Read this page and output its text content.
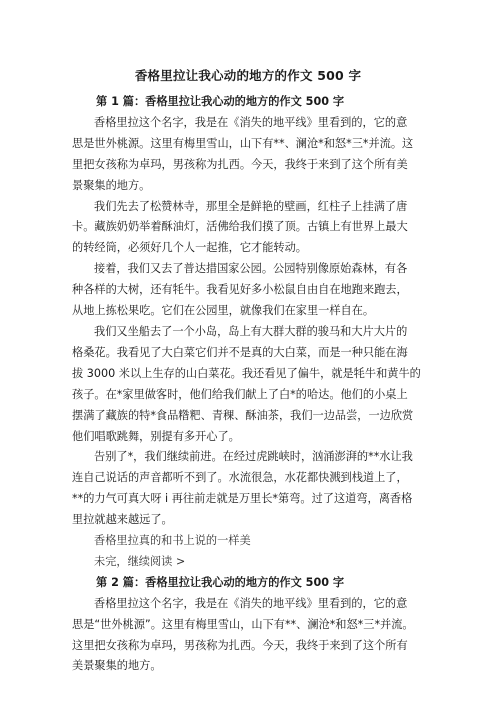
香格里拉让我心动的地方的作文 500 字
第 1 篇：香格里拉让我心动的地方的作文 500 字
香格里拉这个名字，我是在《消失的地平线》里看到的，它的意
思是世外桃源。这里有梅里雪山，山下有**、澜沧*和怒*三*并流。这
里把女孩称为卓玛，男孩称为扎西。今天，我终于来到了这个所有美
景聚集的地方。
我们先去了松赞林寺，那里全是鲜艳的壁画，红柱子上挂满了唐
卡。藏族奶奶举着酥油灯，活佛给我们摸了顶。古镇上有世界上最大
的转经筒，必须好几个人一起推，它才能转动。
接着，我们又去了普达措国家公园。公园特别像原始森林，有各
种各样的大树，还有牦牛。我看见好多小松鼠自由自在地跑来跑去，
从地上拣松果吃。它们在公园里，就像我们在家里一样自在。
我们又坐船去了一个小岛，岛上有大群大群的骏马和大片大片的
格桑花。我看见了大白菜它们并不是真的大白菜，而是一种只能在海
拔 3000 米以上生存的山白菜花。我还看见了偏牛，就是牦牛和黄牛的
孩子。在*家里做客时，他们给我们献上了白*的哈达。他们的小桌上
摆满了藏族的特*食品糌粑、青稞、酥油茶，我们一边品尝，一边欣赏
他们唱歌跳舞，别提有多开心了。
告别了*，我们继续前进。在经过虎跳峡时，汹涌澎湃的**水让我
连自己说话的声音都听不到了。水流很急，水花都快溅到栈道上了，
**的力气可真大呀 i 再往前走就是万里长*第弯。过了这道弯，离香格
里拉就越来越远了。
香格里拉真的和书上说的一样美
未完，继续阅读 >
第 2 篇：香格里拉让我心动的地方的作文 500 字
香格里拉这个名字，我是在《消失的地平线》里看到的，它的意
思是“世外桃源”。这里有梅里雪山，山下有**、澜沧*和怒*三*并流。
这里把女孩称为卓玛，男孩称为扎西。今天，我终于来到了这个所有
美景聚集的地方。
